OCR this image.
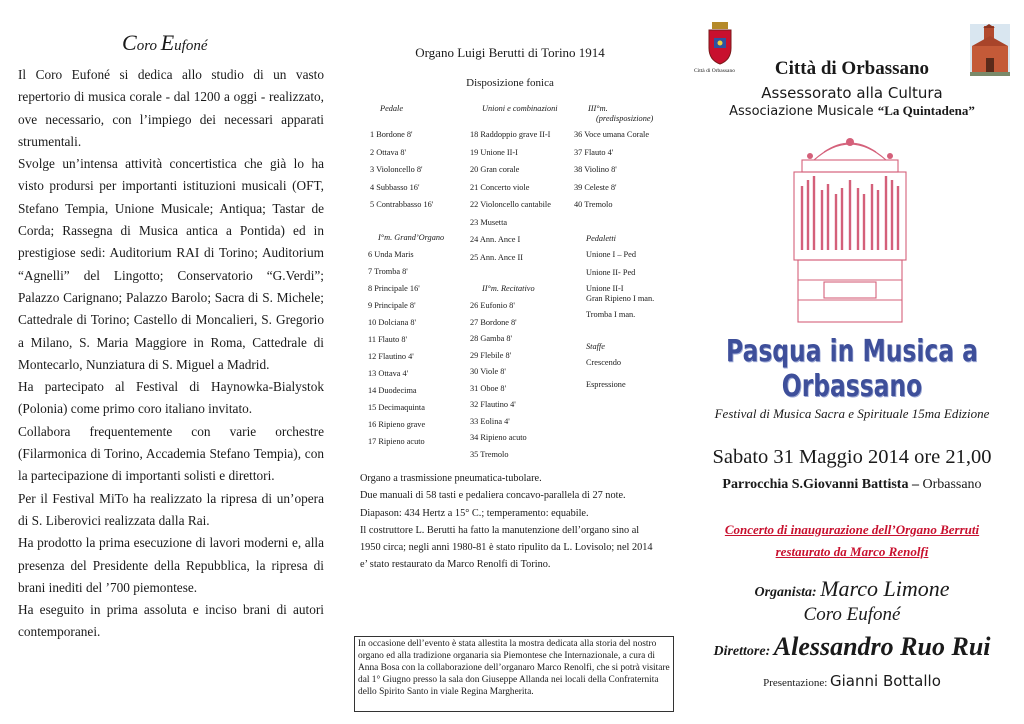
Coro Eufoné

Il Coro Eufoné si dedica allo studio di un vasto repertorio di musica corale - dal 1200 a oggi - realizzato, ove necessario, con l’impiego dei necessari apparati strumentali.

Svolge un’intensa attività concertistica che già lo ha visto prodursi per importanti istituzioni musicali (OFT, Stefano Tempia, Unione Musicale; Antiqua; Tastar de Corda; Rassegna di Musica antica a Pontida) ed in prestigiose sedi: Auditorium RAI di Torino; Auditorium “Agnelli” del Lingotto; Conservatorio “G.Verdi”; Palazzo Carignano; Palazzo Barolo; Sacra di S. Michele; Cattedrale di Torino; Castello di Moncalieri, S. Gregorio a Milano, S. Maria Maggiore in Roma, Cattedrale di Montecarlo, Nunziatura di S. Miguel a Madrid.

Ha partecipato al Festival di Haynowka-Bialystok (Polonia) come primo coro italiano invitato.

Collabora frequentemente con varie orchestre (Filarmonica di Torino, Accademia Stefano Tempia), con la partecipazione di importanti solisti e direttori.

Per il Festival MiTo ha realizzato la ripresa di un’opera di S. Liberovici realizzata dalla Rai.

Ha prodotto la prima esecuzione di lavori moderni e, alla presenza del Presidente della Repubblica, la ripresa di brani inediti del ’700 piemontese.

Ha eseguito in prima assoluta e inciso brani di autori contemporanei.

Organo Luigi Berutti di Torino 1914
Disposizione fonica
Pedale	Unioni e combinazioni	III°m.
(predisposizione)
1 Bordone 8'
2 Ottava 8'
3 Violoncello 8'
4 Subbasso 16'
5 Contrabbasso 16'
I°m. Grand’Organo
6 Unda Maris
7 Tromba 8'
8 Principale 16'
9 Principale 8'
10 Dolciana 8'
11 Flauto 8'
12 Flautino 4'
13 Ottava 4'
14 Duodecima
15 Decimaquinta
16 Ripieno grave
17 Ripieno acuto
18 Raddoppio grave II-I
19 Unione II-I
20 Gran corale
21 Concerto viole
22 Violoncello cantabile
23 Musetta
24 Ann. Ance I
25 Ann. Ance II
II°m. Recitativo
26 Eufonio 8'
27 Bordone 8'
28 Gamba 8'
29 Flebile 8'
30 Viole 8'
31 Oboe 8'
32 Flautino 4'
33 Eolina 4'
34 Ripieno acuto
35 Tremolo
36 Voce umana Corale
37 Flauto 4'
38 Violino 8'
39 Celeste 8'
40 Tremolo
Pedaletti
Unione I – Ped
Unione II- Ped
Unione II-I
Gran Ripieno I man.
Tromba I man.
Staffe
Crescendo
Espressione

Organo a trasmissione pneumatica-tubolare.

Due manuali di 58 tasti e pedaliera concavo-parallela di 27 note.

Diapason: 434 Hertz a 15° C.; temperamento: equabile.

Il costruttore L. Berutti ha fatto la manutenzione dell’organo sino al 1950 circa; negli anni 1980-81 è stato ripulito da L. Lovisolo; nel 2014 e’ stato restaurato da Marco Renolfi di Torino.

In occasione dell’evento è stata allestita la mostra dedicata alla storia del nostro organo ed alla tradizione organaria sia Piemontese che Internazionale, a cura di Anna Bosa con la collaborazione dell’organaro Marco Renolfi, che si potrà visitare dal 1° Giugno presso la sala don Giuseppe Allanda nei locali della Confraternita dello Spirito Santo in viale Regina Margherita.
Città di Orbassano	Città di Orbassano
Assessorato alla Cultura
Associazione Musicale “La Quintadena”
Pasqua in Musica a Orbassano
Festival di Musica Sacra e Spirituale 15ma Edizione
Sabato 31 Maggio 2014 ore 21,00
Parrocchia S.Giovanni Battista – Orbassano
Concerto di inaugurazione dell’Organo Berruti
restaurato da Marco Renolfi
Organista: Marco Limone
Coro Eufoné
Direttore: Alessandro Ruo Rui
Presentazione: Gianni Bottallo
